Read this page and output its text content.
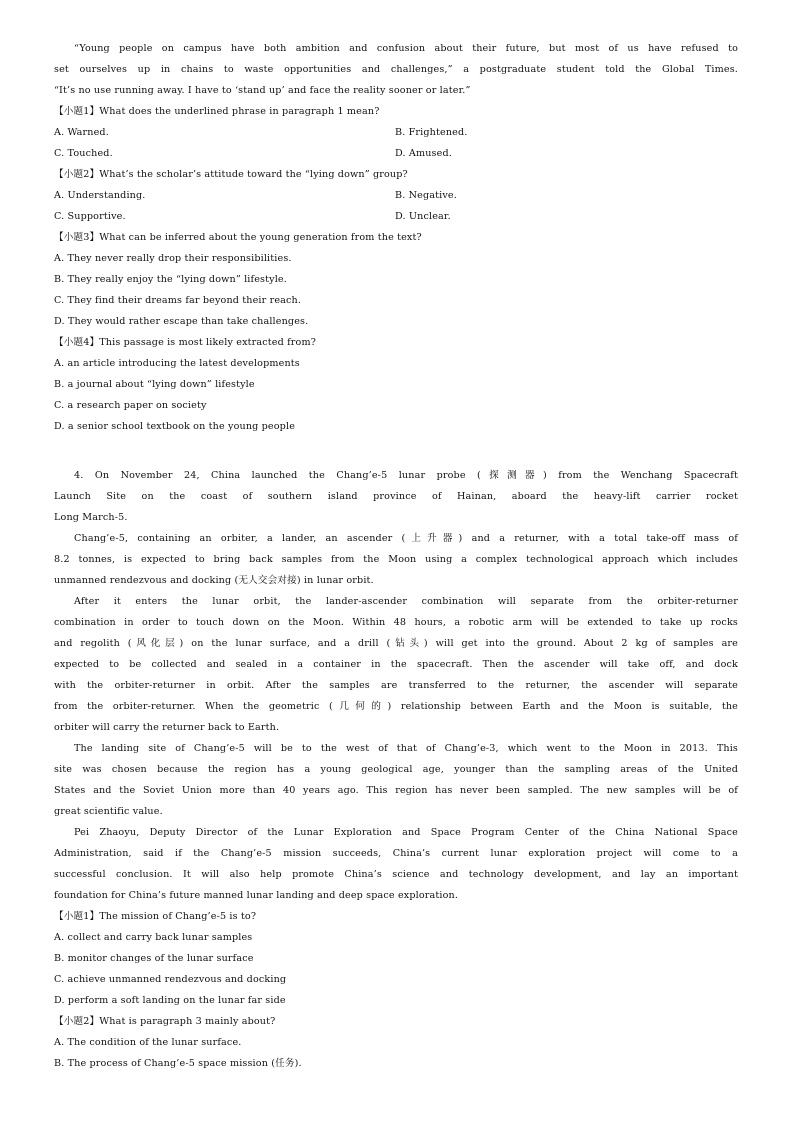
“Young people on campus have both ambition and confusion about their future, but most of us have refused to
set ourselves up in chains to waste opportunities and challenges,” a postgraduate student told the Global Times.
“It’s no use running away. I have to ‘stand up’ and face the reality sooner or later.”
【小题1】What does the underlined phrase in paragraph 1 mean?
A. Warned.	B. Frightened.
C. Touched.	D. Amused.
【小题2】What’s the scholar’s attitude toward the “lying down” group?
A. Understanding.	B. Negative.
C. Supportive.	D. Unclear.
【小题3】What can be inferred about the young generation from the text?
A. They never really drop their responsibilities.
B. They really enjoy the “lying down” lifestyle.
C. They find their dreams far beyond their reach.
D. They would rather escape than take challenges.
【小题4】This passage is most likely extracted from?
A. an article introducing the latest developments
B. a journal about “lying down” lifestyle
C. a research paper on society
D. a senior school textbook on the young people
4. On November 24, China launched the Chang’e-5 lunar probe (探测器) from the Wenchang Spacecraft
Launch Site on the coast of southern island province of Hainan, aboard the heavy-lift carrier rocket
Long March-5.
Chang’e-5, containing an orbiter, a lander, an ascender (上升器) and a returner, with a total take-off mass of
8.2 tonnes, is expected to bring back samples from the Moon using a complex technological approach which includes
unmanned rendezvous and docking (无人交会对接) in lunar orbit.
After it enters the lunar orbit, the lander-ascender combination will separate from the orbiter-returner
combination in order to touch down on the Moon. Within 48 hours, a robotic arm will be extended to take up rocks
and regolith (风化层) on the lunar surface, and a drill (钻头) will get into the ground. About 2 kg of samples are
expected to be collected and sealed in a container in the spacecraft. Then the ascender will take off, and dock
with the orbiter-returner in orbit. After the samples are transferred to the returner, the ascender will separate
from the orbiter-returner. When the geometric (几何的) relationship between Earth and the Moon is suitable, the
orbiter will carry the returner back to Earth.
The landing site of Chang’e-5 will be to the west of that of Chang’e-3, which went to the Moon in 2013. This
site was chosen because the region has a young geological age, younger than the sampling areas of the United
States and the Soviet Union more than 40 years ago. This region has never been sampled. The new samples will be of
great scientific value.
Pei Zhaoyu, Deputy Director of the Lunar Exploration and Space Program Center of the China National Space
Administration, said if the Chang’e-5 mission succeeds, China’s current lunar exploration project will come to a
successful conclusion. It will also help promote China’s science and technology development, and lay an important
foundation for China’s future manned lunar landing and deep space exploration.
【小题1】The mission of Chang’e-5 is to?
A. collect and carry back lunar samples
B. monitor changes of the lunar surface
C. achieve unmanned rendezvous and docking
D. perform a soft landing on the lunar far side
【小题2】What is paragraph 3 mainly about?
A. The condition of the lunar surface.
B. The process of Chang’e-5 space mission (任务).
